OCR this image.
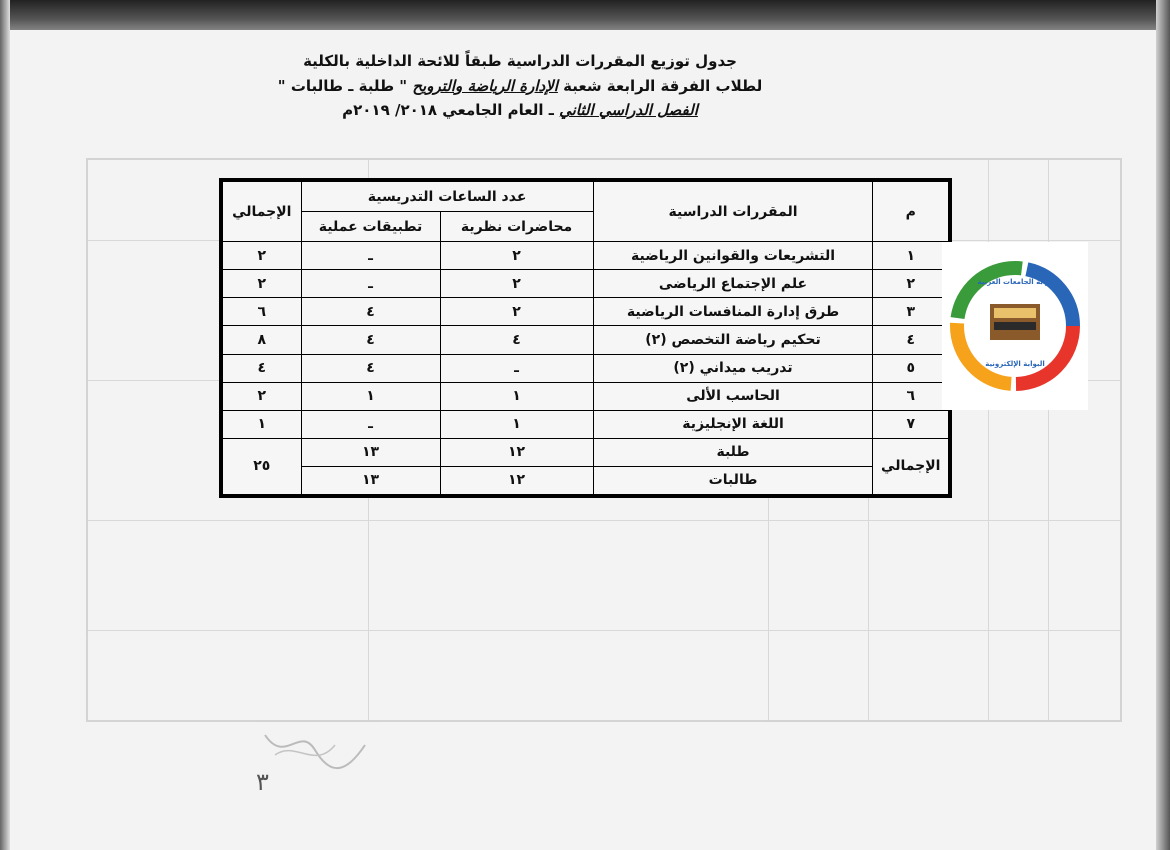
جدول توزيع المقررات الدراسية طبقاً للائحة الداخلية بالكلية
لطلاب الفرقة الرابعة شعبة الإدارة الرياضة والترويح " طلبة ـ طالبات "
الفصل الدراسي الثاني ـ العام الجامعي ٢٠١٨/ ٢٠١٩م
م	المقررات الدراسية	عدد الساعات التدريسية		الإجمالي
		محاضرات نظرية	تطبيقات عملية	
١	التشريعات والقوانين الرياضية	٢	ـ	٢
٢	علم الإجتماع الرياضى	٢	ـ	٢
٣	طرق إدارة المنافسات الرياضية	٢	٤	٦
٤	تحكيم رياضة التخصص (٢)	٤	٤	٨
٥	تدريب ميداني (٢)	ـ	٤	٤
٦	الحاسب الألى	١	١	٢
٧	اللغة الإنجليزية	١	ـ	١
الإجمالي	طلبة	١٢	١٣	٢٥
	طالبات	١٢	١٣	
بوابة الجامعات العربية
البوابة الإلكترونية
٣
